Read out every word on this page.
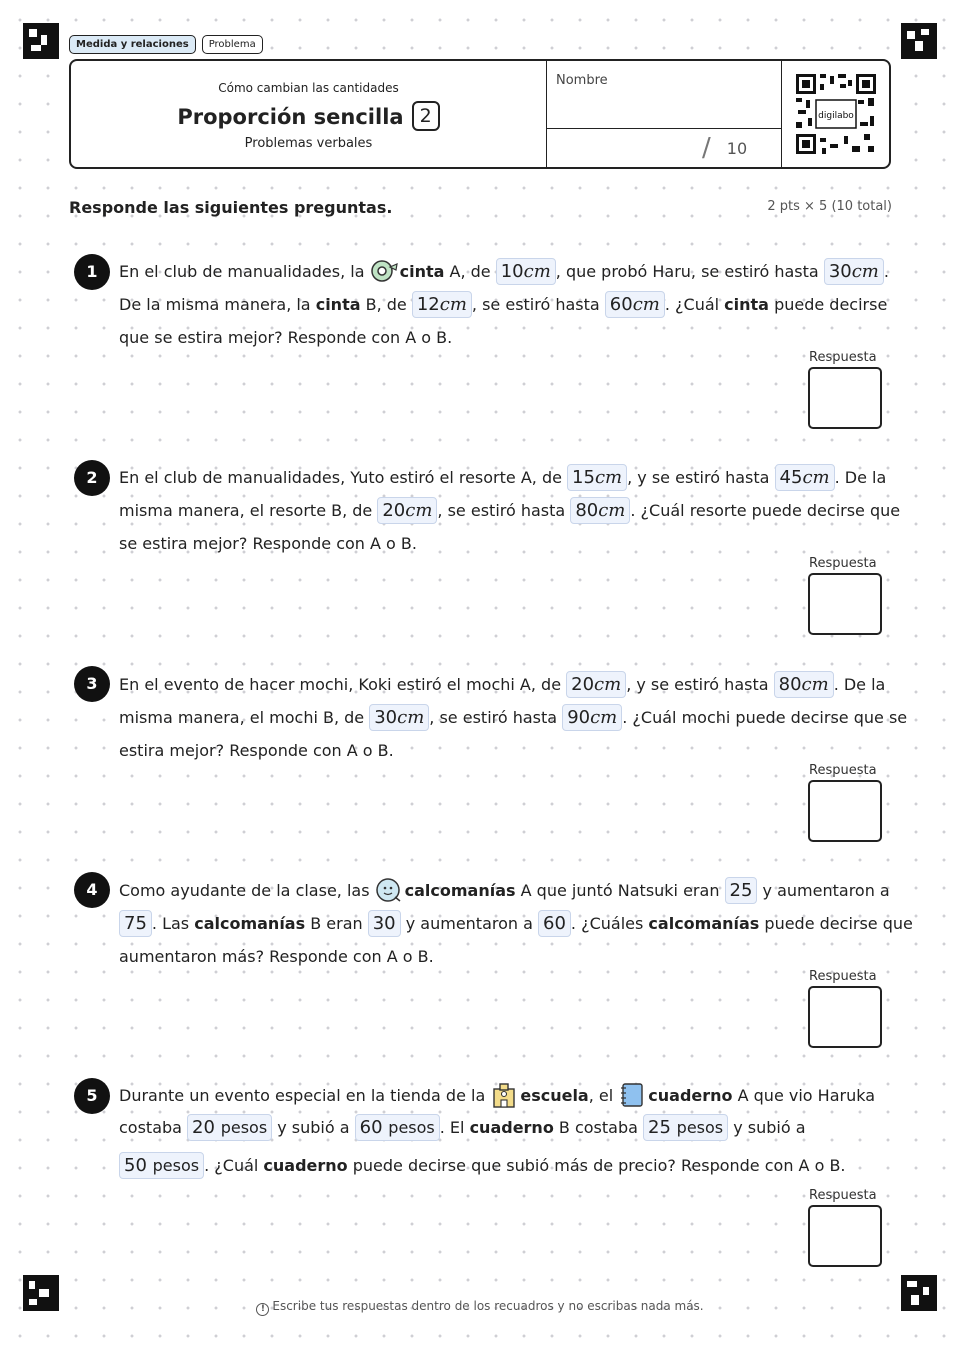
Medida y relaciones	Problema
Cómo cambian las cantidades
Proporción sencilla 2
Problemas verbales
Nombre
/ 10
digilabo
Responde las siguientes preguntas.	2 pts × 5 (10 total)
1	En el club de manualidades, la cinta A, de 10cm , que probó Haru, se estiró hasta 30cm .

De la misma manera, la cinta B, de 12cm , se estiró hasta 60cm . ¿Cuál cinta puede decirse

que se estira mejor? Responde con A o B.

Respuesta
2	En el club de manualidades, Yuto estiró el resorte A, de 15cm , y se estiró hasta 45cm . De la

misma manera, el resorte B, de 20cm , se estiró hasta 80cm . ¿Cuál resorte puede decirse que

se estira mejor? Responde con A o B.

Respuesta
3	En el evento de hacer mochi, Koki estiró el mochi A, de 20cm , y se estiró hasta 80cm . De la

misma manera, el mochi B, de 30cm , se estiró hasta 90cm . ¿Cuál mochi puede decirse que se

estira mejor? Responde con A o B.

Respuesta
4	Como ayudante de la clase, las calcomanías A que juntó Natsuki eran 25 y aumentaron a

75 . Las calcomanías B eran 30 y aumentaron a 60 . ¿Cuáles calcomanías puede decirse que

aumentaron más? Responde con A o B.

Respuesta
5	Durante un evento especial en la tienda de la escuela, el cuaderno A que vio Haruka

costaba 20 pesos y subió a 60 pesos . El cuaderno B costaba 25 pesos y subió a

50 pesos . ¿Cuál cuaderno puede decirse que subió más de precio? Responde con A o B.

Respuesta
! Escribe tus respuestas dentro de los recuadros y no escribas nada más.
